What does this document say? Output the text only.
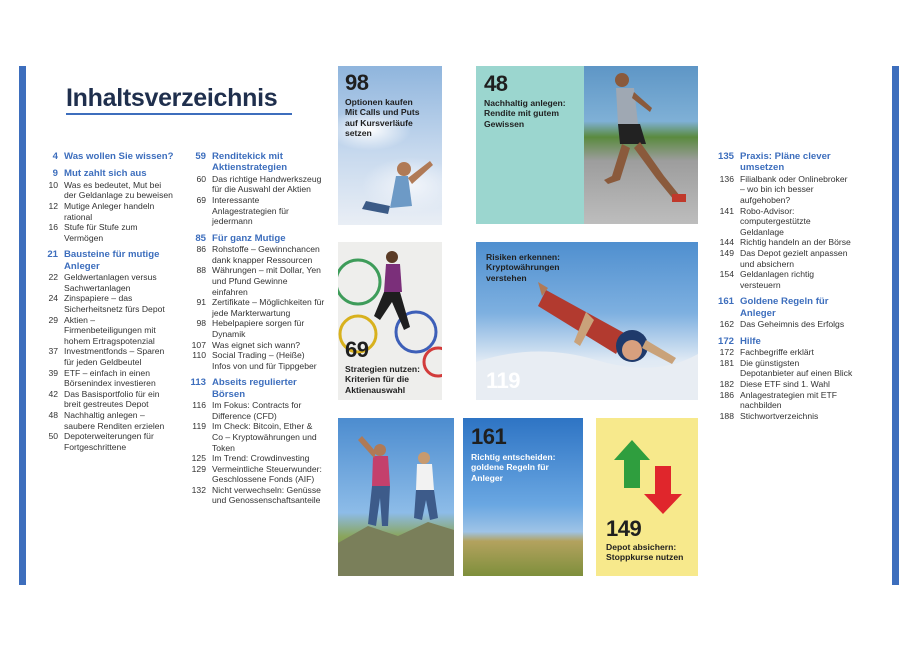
Inhaltsverzeichnis
4 Was wollen Sie wissen?
9 Mut zahlt sich aus
10 Was es bedeutet, Mut bei der Geldanlage zu beweisen
12 Mutige Anleger handeln rational
16 Stufe für Stufe zum Vermögen
21 Bausteine für mutige Anleger
22 Geldwertanlagen versus Sachwertanlagen
24 Zinspapiere – das Sicherheitsnetz fürs Depot
29 Aktien – Firmenbeteiligungen mit hohem Ertragspotenzial
37 Investmentfonds – Sparen für jeden Geldbeutel
39 ETF – einfach in einen Börsenindex investieren
42 Das Basisportfolio für ein breit gestreutes Depot
48 Nachhaltig anlegen – saubere Renditen erzielen
50 Depoterweiterungen für Fortgeschrittene
59 Renditekick mit Aktienstrategien
60 Das richtige Handwerkszeug für die Auswahl der Aktien
69 Interessante Anlagestrategien für jedermann
85 Für ganz Mutige
86 Rohstoffe – Gewinnchancen dank knapper Ressourcen
88 Währungen – mit Dollar, Yen und Pfund Gewinne einfahren
91 Zertifikate – Möglichkeiten für jede Markterwartung
98 Hebelpapiere sorgen für Dynamik
107 Was eignet sich wann?
110 Social Trading – (Heiße) Infos von und für Tippgeber
113 Abseits regulierter Börsen
116 Im Fokus: Contracts for Difference (CFD)
119 Im Check: Bitcoin, Ether & Co – Kryptowährungen und Token
125 Im Trend: Crowdinvesting
129 Vermeintliche Steuerwunder: Geschlossene Fonds (AIF)
132 Nicht verwechseln: Genüsse und Genossenschaftsanteile
135 Praxis: Pläne clever umsetzen
136 Filialbank oder Onlinebroker – wo bin ich besser aufgehoben?
141 Robo-Advisor: computergestützte Geldanlage
144 Richtig handeln an der Börse
149 Das Depot gezielt anpassen und absichern
154 Geldanlagen richtig versteuern
161 Goldene Regeln für Anleger
162 Das Geheimnis des Erfolgs
172 Hilfe
172 Fachbegriffe erklärt
181 Die günstigsten Depotanbieter auf einen Blick
182 Diese ETF sind 1. Wahl
186 Anlagestrategien mit ETF nachbilden
188 Stichwortverzeichnis
98
Optionen kaufen Mit Calls und Puts auf Kursverläufe setzen
48
Nachhaltig anlegen: Rendite mit gutem Gewissen
69
Strategien nutzen: Kriterien für die Aktienauswahl
Risiken erkennen: Kryptowährungen verstehen
119
161
Richtig entscheiden: goldene Regeln für Anleger
149
Depot absichern: Stoppkurse nutzen
